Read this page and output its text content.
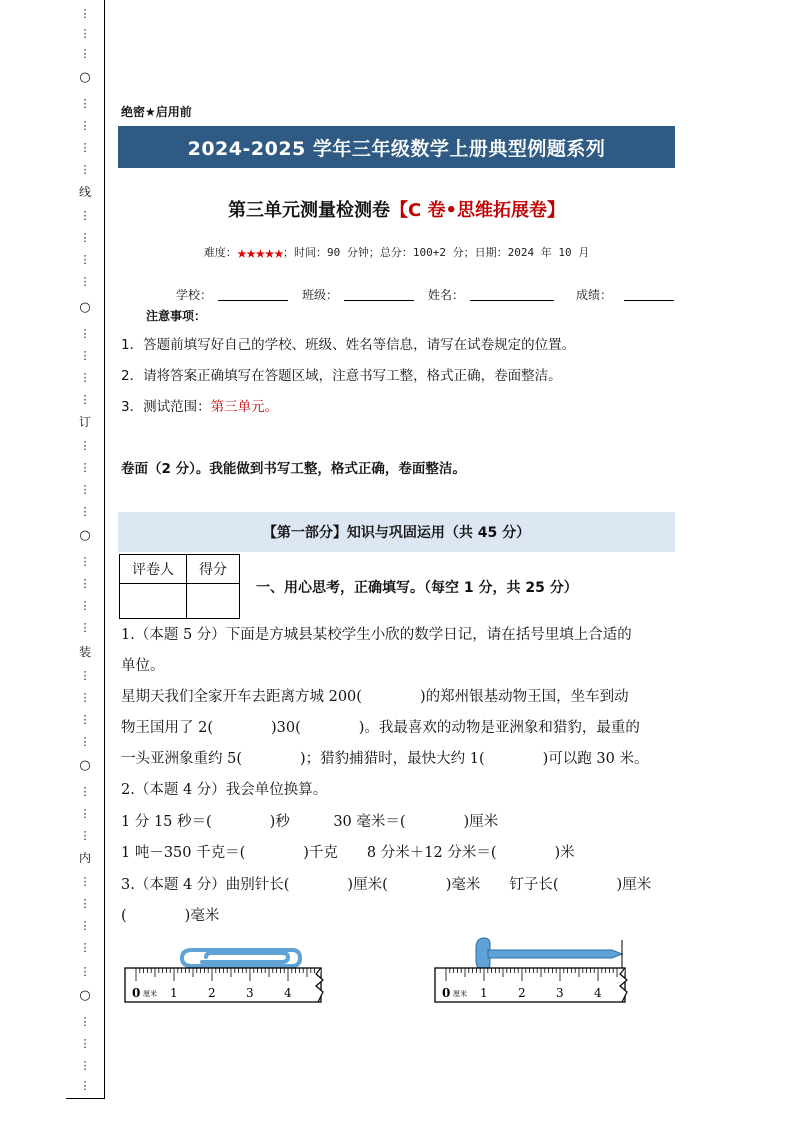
⋮
⋮
⋮
○
⋮
⋮
⋮
⋮
线
⋮
⋮
⋮
⋮
○
⋮
⋮
⋮
⋮
订
⋮
⋮
⋮
⋮
○
⋮
⋮
⋮
⋮
装
⋮
⋮
⋮
⋮
○
⋮
⋮
⋮
内
⋮
⋮
⋮
⋮
⋮
○
⋮
⋮
⋮
⋮
绝密★启用前
2024-2025 学年三年级数学上册典型例题系列
第三单元测量检测卷【C 卷•思维拓展卷】
难度：★★★★★；时间：90 分钟；总分：100+2 分；日期：2024 年 10 月
学校：	班级：	姓名：	成绩：
注意事项：
1．答题前填写好自己的学校、班级、姓名等信息，请写在试卷规定的位置。
2．请将答案正确填写在答题区域，注意书写工整，格式正确，卷面整洁。
3．测试范围：第三单元。
卷面（2 分）。我能做到书写工整，格式正确，卷面整洁。
【第一部分】知识与巩固运用（共 45 分）
评卷人	得分

一、用心思考，正确填写。（每空 1 分，共 25 分）
1.（本题 5 分）下面是方城县某校学生小欣的数学日记，请在括号里填上合适的
单位。
星期天我们全家开车去距离方城 200(　　　　)的郑州银基动物王国，坐车到动
物王国用了 2(　　　　)30(　　　　)。我最喜欢的动物是亚洲象和猎豹，最重的
一头亚洲象重约 5(　　　　)；猎豹捕猎时，最快大约 1(　　　　)可以跑 30 米。
2.（本题 4 分）我会单位换算。
1 分 15 秒＝(　　　　)秒　　　30 毫米＝(　　　　)厘米
1 吨－350 千克＝(　　　　)千克　　8 分米＋12 分米＝(　　　　)米
3.（本题 4 分）曲别针长(　　　　)厘米(　　　　)毫米　　钉子长(　　　　)厘米
(　　　　)毫米
0 厘米 1	2	3	4	0 厘米 1	2	3	4
